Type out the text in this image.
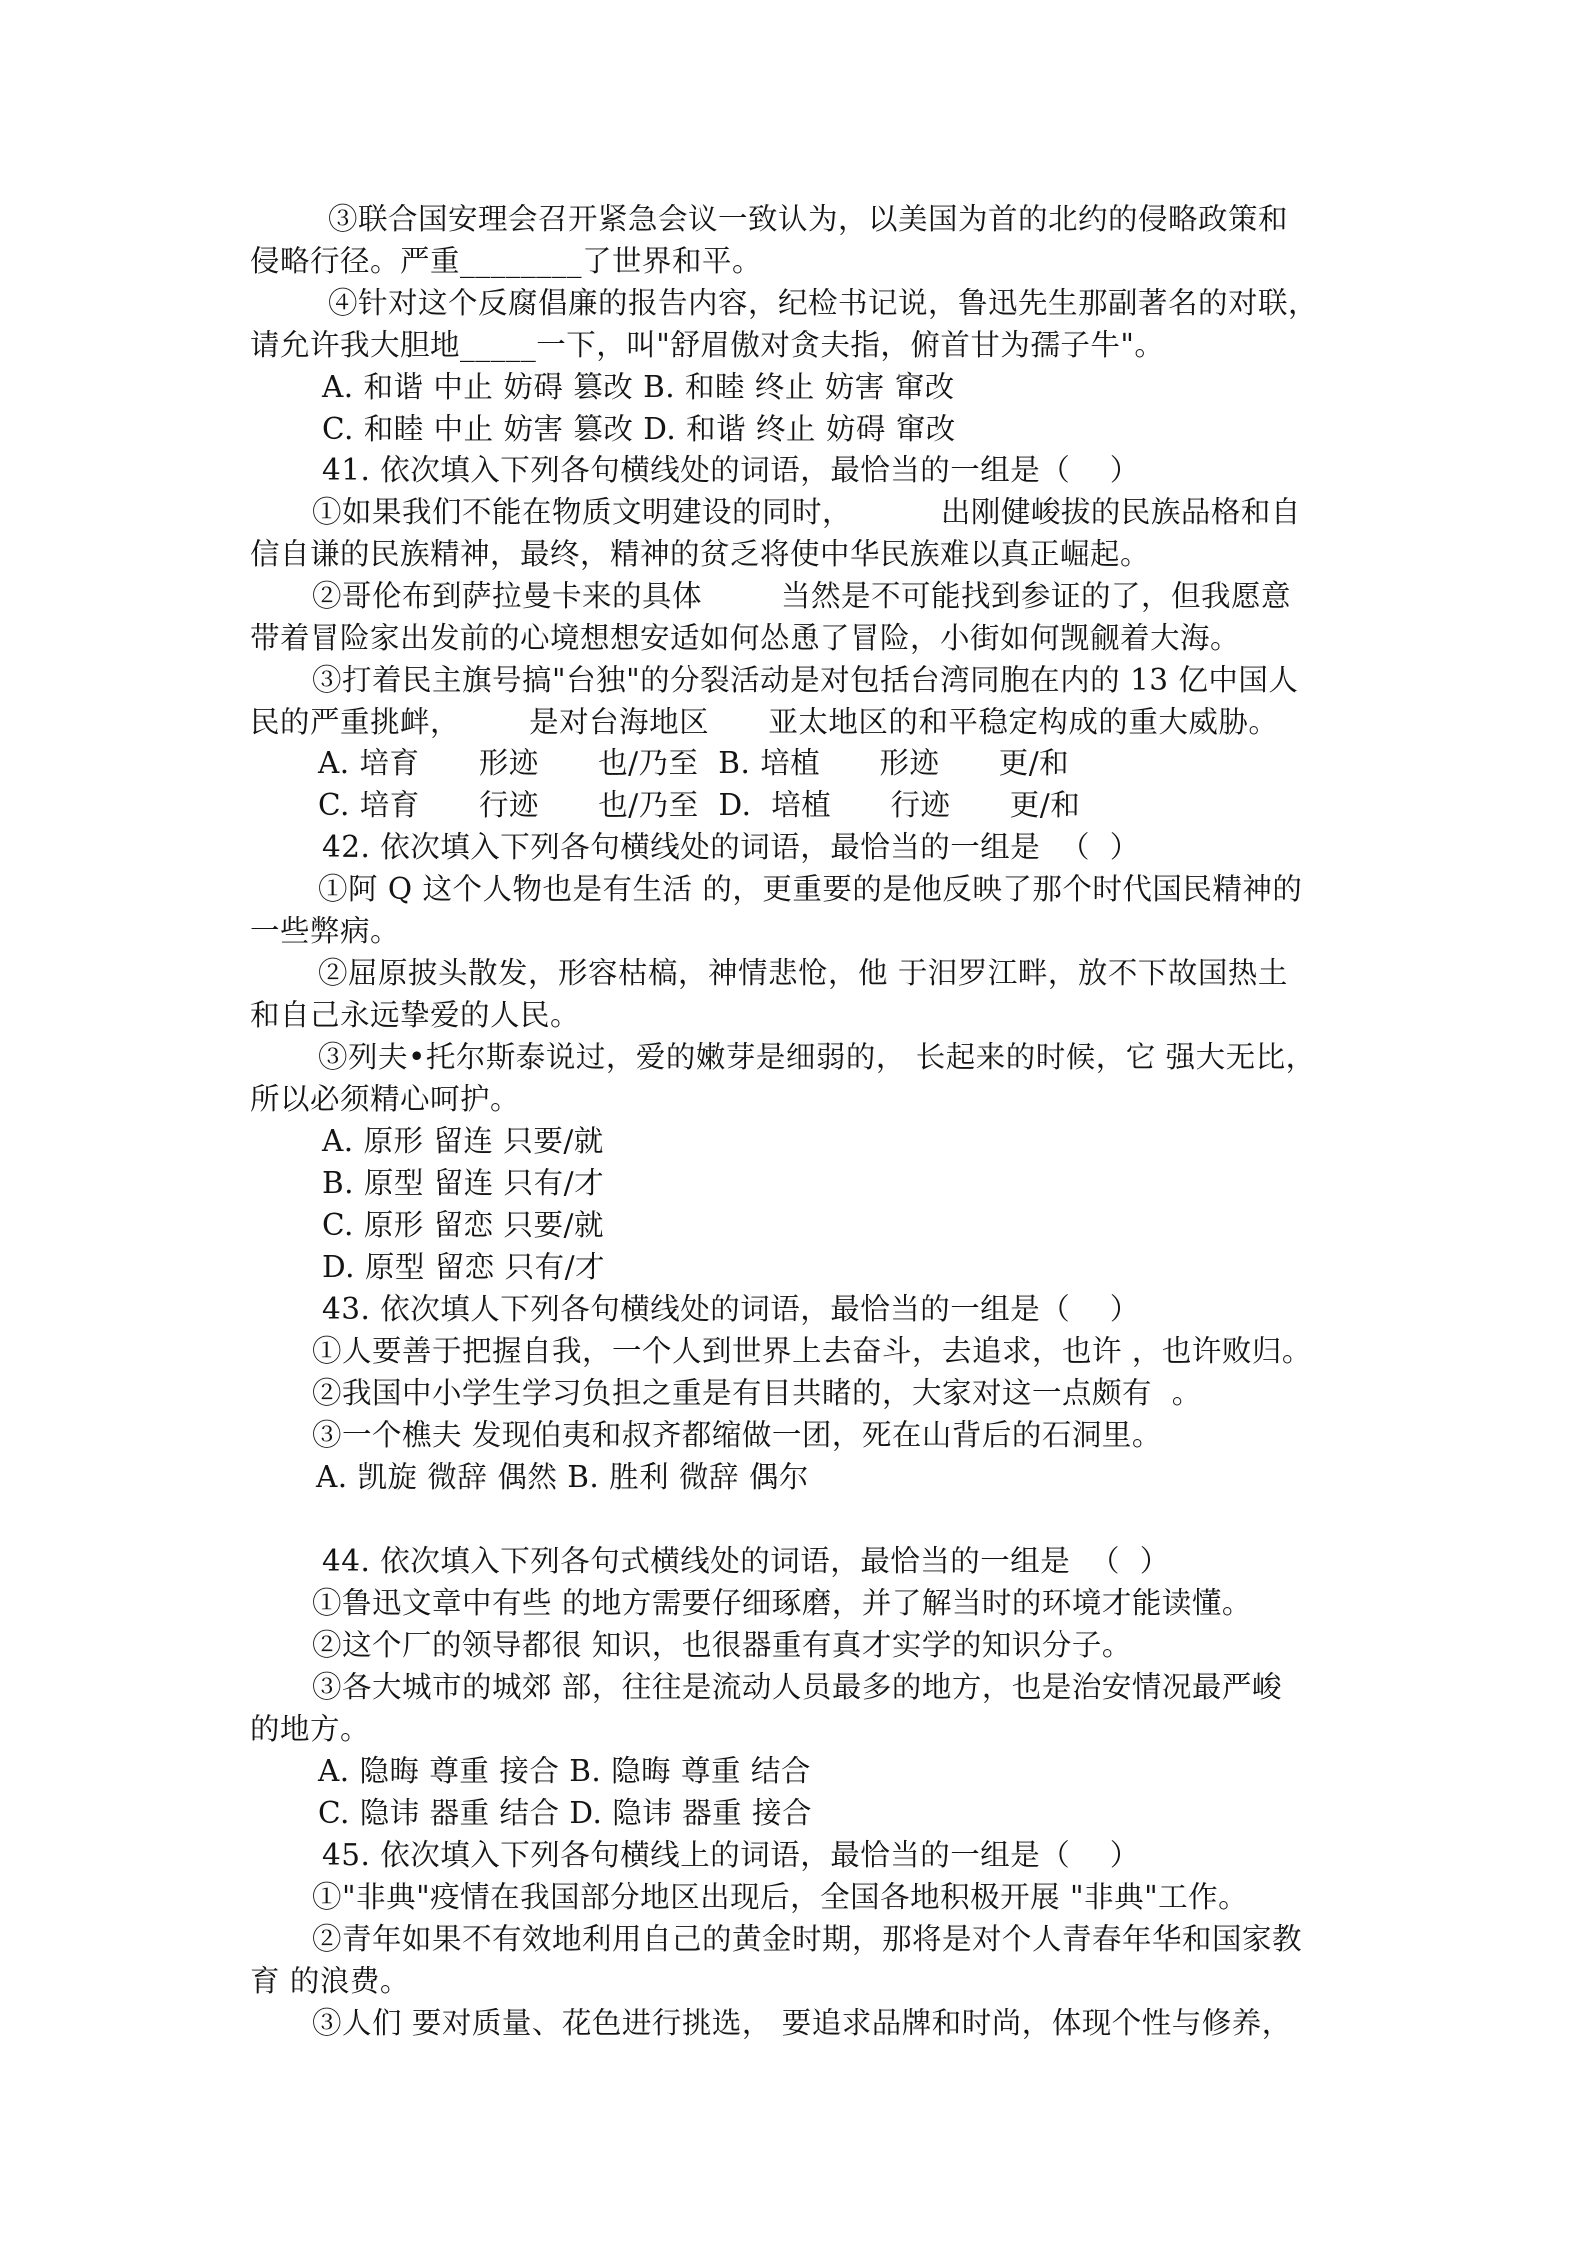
③联合国安理会召开紧急会议一致认为，以美国为首的北约的侵略政策和
侵略行径。严重________了世界和平。
④针对这个反腐倡廉的报告内容，纪检书记说，鲁迅先生那副著名的对联，
请允许我大胆地_____一下，叫"舒眉傲对贪夫指，俯首甘为孺子牛"。
A. 和谐 中止 妨碍 篡改 B. 和睦 终止 妨害 窜改
C. 和睦 中止 妨害 篡改 D. 和谐 终止 妨碍 窜改
41. 依次填入下列各句横线处的词语，最恰当的一组是（    ）
①如果我们不能在物质文明建设的同时，         出刚健峻拔的民族品格和自
信自谦的民族精神，最终，精神的贫乏将使中华民族难以真正崛起。
②哥伦布到萨拉曼卡来的具体        当然是不可能找到参证的了，但我愿意
带着冒险家出发前的心境想想安适如何怂恿了冒险，小街如何觊觎着大海。
③打着民主旗号搞"台独"的分裂活动是对包括台湾同胞在内的 13 亿中国人
民的严重挑衅，       是对台海地区      亚太地区的和平稳定构成的重大威胁。
A. 培育      形迹      也/乃至  B. 培植      形迹      更/和
C. 培育      行迹      也/乃至  D.  培植      行迹      更/和
42. 依次填入下列各句横线处的词语，最恰当的一组是  （  ）
①阿 Q 这个人物也是有生活 的，更重要的是他反映了那个时代国民精神的
一些弊病。
②屈原披头散发，形容枯槁，神情悲怆，他 于汨罗江畔，放不下故国热土
和自己永远挚爱的人民。
③列夫•托尔斯泰说过，爱的嫩芽是细弱的， 长起来的时候，它 强大无比，
所以必须精心呵护。
A. 原形 留连 只要/就
B. 原型 留连 只有/才
C. 原形 留恋 只要/就
D. 原型 留恋 只有/才
43. 依次填人下列各句横线处的词语，最恰当的一组是（    ）
①人要善于把握自我，一个人到世界上去奋斗，去追求，也许 ，也许败归。
②我国中小学生学习负担之重是有目共睹的，大家对这一点颇有  。
③一个樵夫 发现伯夷和叔齐都缩做一团，死在山背后的石洞里。
A. 凯旋 微辞 偶然 B. 胜利 微辞 偶尔
44. 依次填入下列各句式横线处的词语，最恰当的一组是  （  ）
①鲁迅文章中有些 的地方需要仔细琢磨，并了解当时的环境才能读懂。
②这个厂的领导都很 知识，也很器重有真才实学的知识分子。
③各大城市的城郊 部，往往是流动人员最多的地方，也是治安情况最严峻
的地方。
A. 隐晦 尊重 接合 B. 隐晦 尊重 结合
C. 隐讳 器重 结合 D. 隐讳 器重 接合
45. 依次填入下列各句横线上的词语，最恰当的一组是（    ）
①"非典"疫情在我国部分地区出现后，全国各地积极开展 "非典"工作。
②青年如果不有效地利用自己的黄金时期，那将是对个人青春年华和国家教
育 的浪费。
③人们 要对质量、花色进行挑选， 要追求品牌和时尚，体现个性与修养，
